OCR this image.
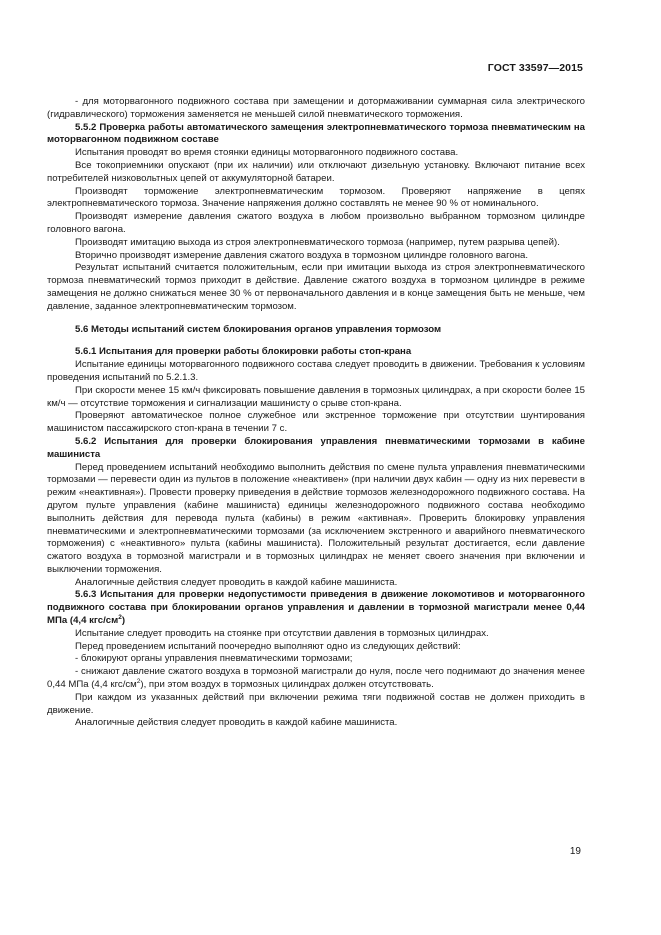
ГОСТ 33597—2015

- для моторвагонного подвижного состава при замещении и дотормаживании суммарная сила электрического (гидравлического) торможения заменяется не меньшей силой пневматического торможения.

5.5.2 Проверка работы автоматического замещения электропневматического тормоза пневматическим на моторвагонном подвижном составе

Испытания проводят во время стоянки единицы моторвагонного подвижного состава.

Все токоприемники опускают (при их наличии) или отключают дизельную установку. Включают питание всех потребителей низковольтных цепей от аккумуляторной батареи.

Производят торможение электропневматическим тормозом. Проверяют напряжение в цепях электропневматического тормоза. Значение напряжения должно составлять не менее 90 % от номинального.

Производят измерение давления сжатого воздуха в любом произвольно выбранном тормозном цилиндре головного вагона.

Производят имитацию выхода из строя электропневматического тормоза (например, путем разрыва цепей).

Вторично производят измерение давления сжатого воздуха в тормозном цилиндре головного вагона.

Результат испытаний считается положительным, если при имитации выхода из строя электропневматического тормоза пневматический тормоз приходит в действие. Давление сжатого воздуха в тормозном цилиндре в режиме замещения не должно снижаться менее 30 % от первоначального давления и в конце замещения быть не меньше, чем давление, заданное электропневматическим тормозом.

5.6 Методы испытаний систем блокирования органов управления тормозом

5.6.1 Испытания для проверки работы блокировки работы стоп-крана

Испытание единицы моторвагонного подвижного состава следует проводить в движении. Требования к условиям проведения испытаний по 5.2.1.3.

При скорости менее 15 км/ч фиксировать повышение давления в тормозных цилиндрах, а при скорости более 15 км/ч — отсутствие торможения и сигнализации машинисту о срыве стоп-крана.

Проверяют автоматическое полное служебное или экстренное торможение при отсутствии шунтирования машинистом пассажирского стоп-крана в течении 7 с.

5.6.2 Испытания для проверки блокирования управления пневматическими тормозами в кабине машиниста

Перед проведением испытаний необходимо выполнить действия по смене пульта управления пневматическими тормозами — перевести один из пультов в положение «неактивен» (при наличии двух кабин — одну из них перевести в режим «неактивная»). Провести проверку приведения в действие тормозов железнодорожного подвижного состава. На другом пульте управления (кабине машиниста) единицы железнодорожного подвижного состава необходимо выполнить действия для перевода пульта (кабины) в режим «активная». Проверить блокировку управления пневматическими и электропневматическими тормозами (за исключением экстренного и аварийного пневматического торможения) с «неактивного» пульта (кабины машиниста). Положительный результат достигается, если давление сжатого воздуха в тормозной магистрали и в тормозных цилиндрах не меняет своего значения при включении и выключении торможения.

Аналогичные действия следует проводить в каждой кабине машиниста.

5.6.3 Испытания для проверки недопустимости приведения в движение локомотивов и моторвагонного подвижного состава при блокировании органов управления и давлении в тормозной магистрали менее 0,44 МПа (4,4 кгс/$см^2$)

Испытание следует проводить на стоянке при отсутствии давления в тормозных цилиндрах.

Перед проведением испытаний поочередно выполняют одно из следующих действий:

- блокируют органы управления пневматическими тормозами;

- снижают давление сжатого воздуха в тормозной магистрали до нуля, после чего поднимают до значения менее 0,44 МПа (4,4 кгс/$см^2$), при этом воздух в тормозных цилиндрах должен отсутствовать.

При каждом из указанных действий при включении режима тяги подвижной состав не должен приходить в движение.

Аналогичные действия следует проводить в каждой кабине машиниста.

19
